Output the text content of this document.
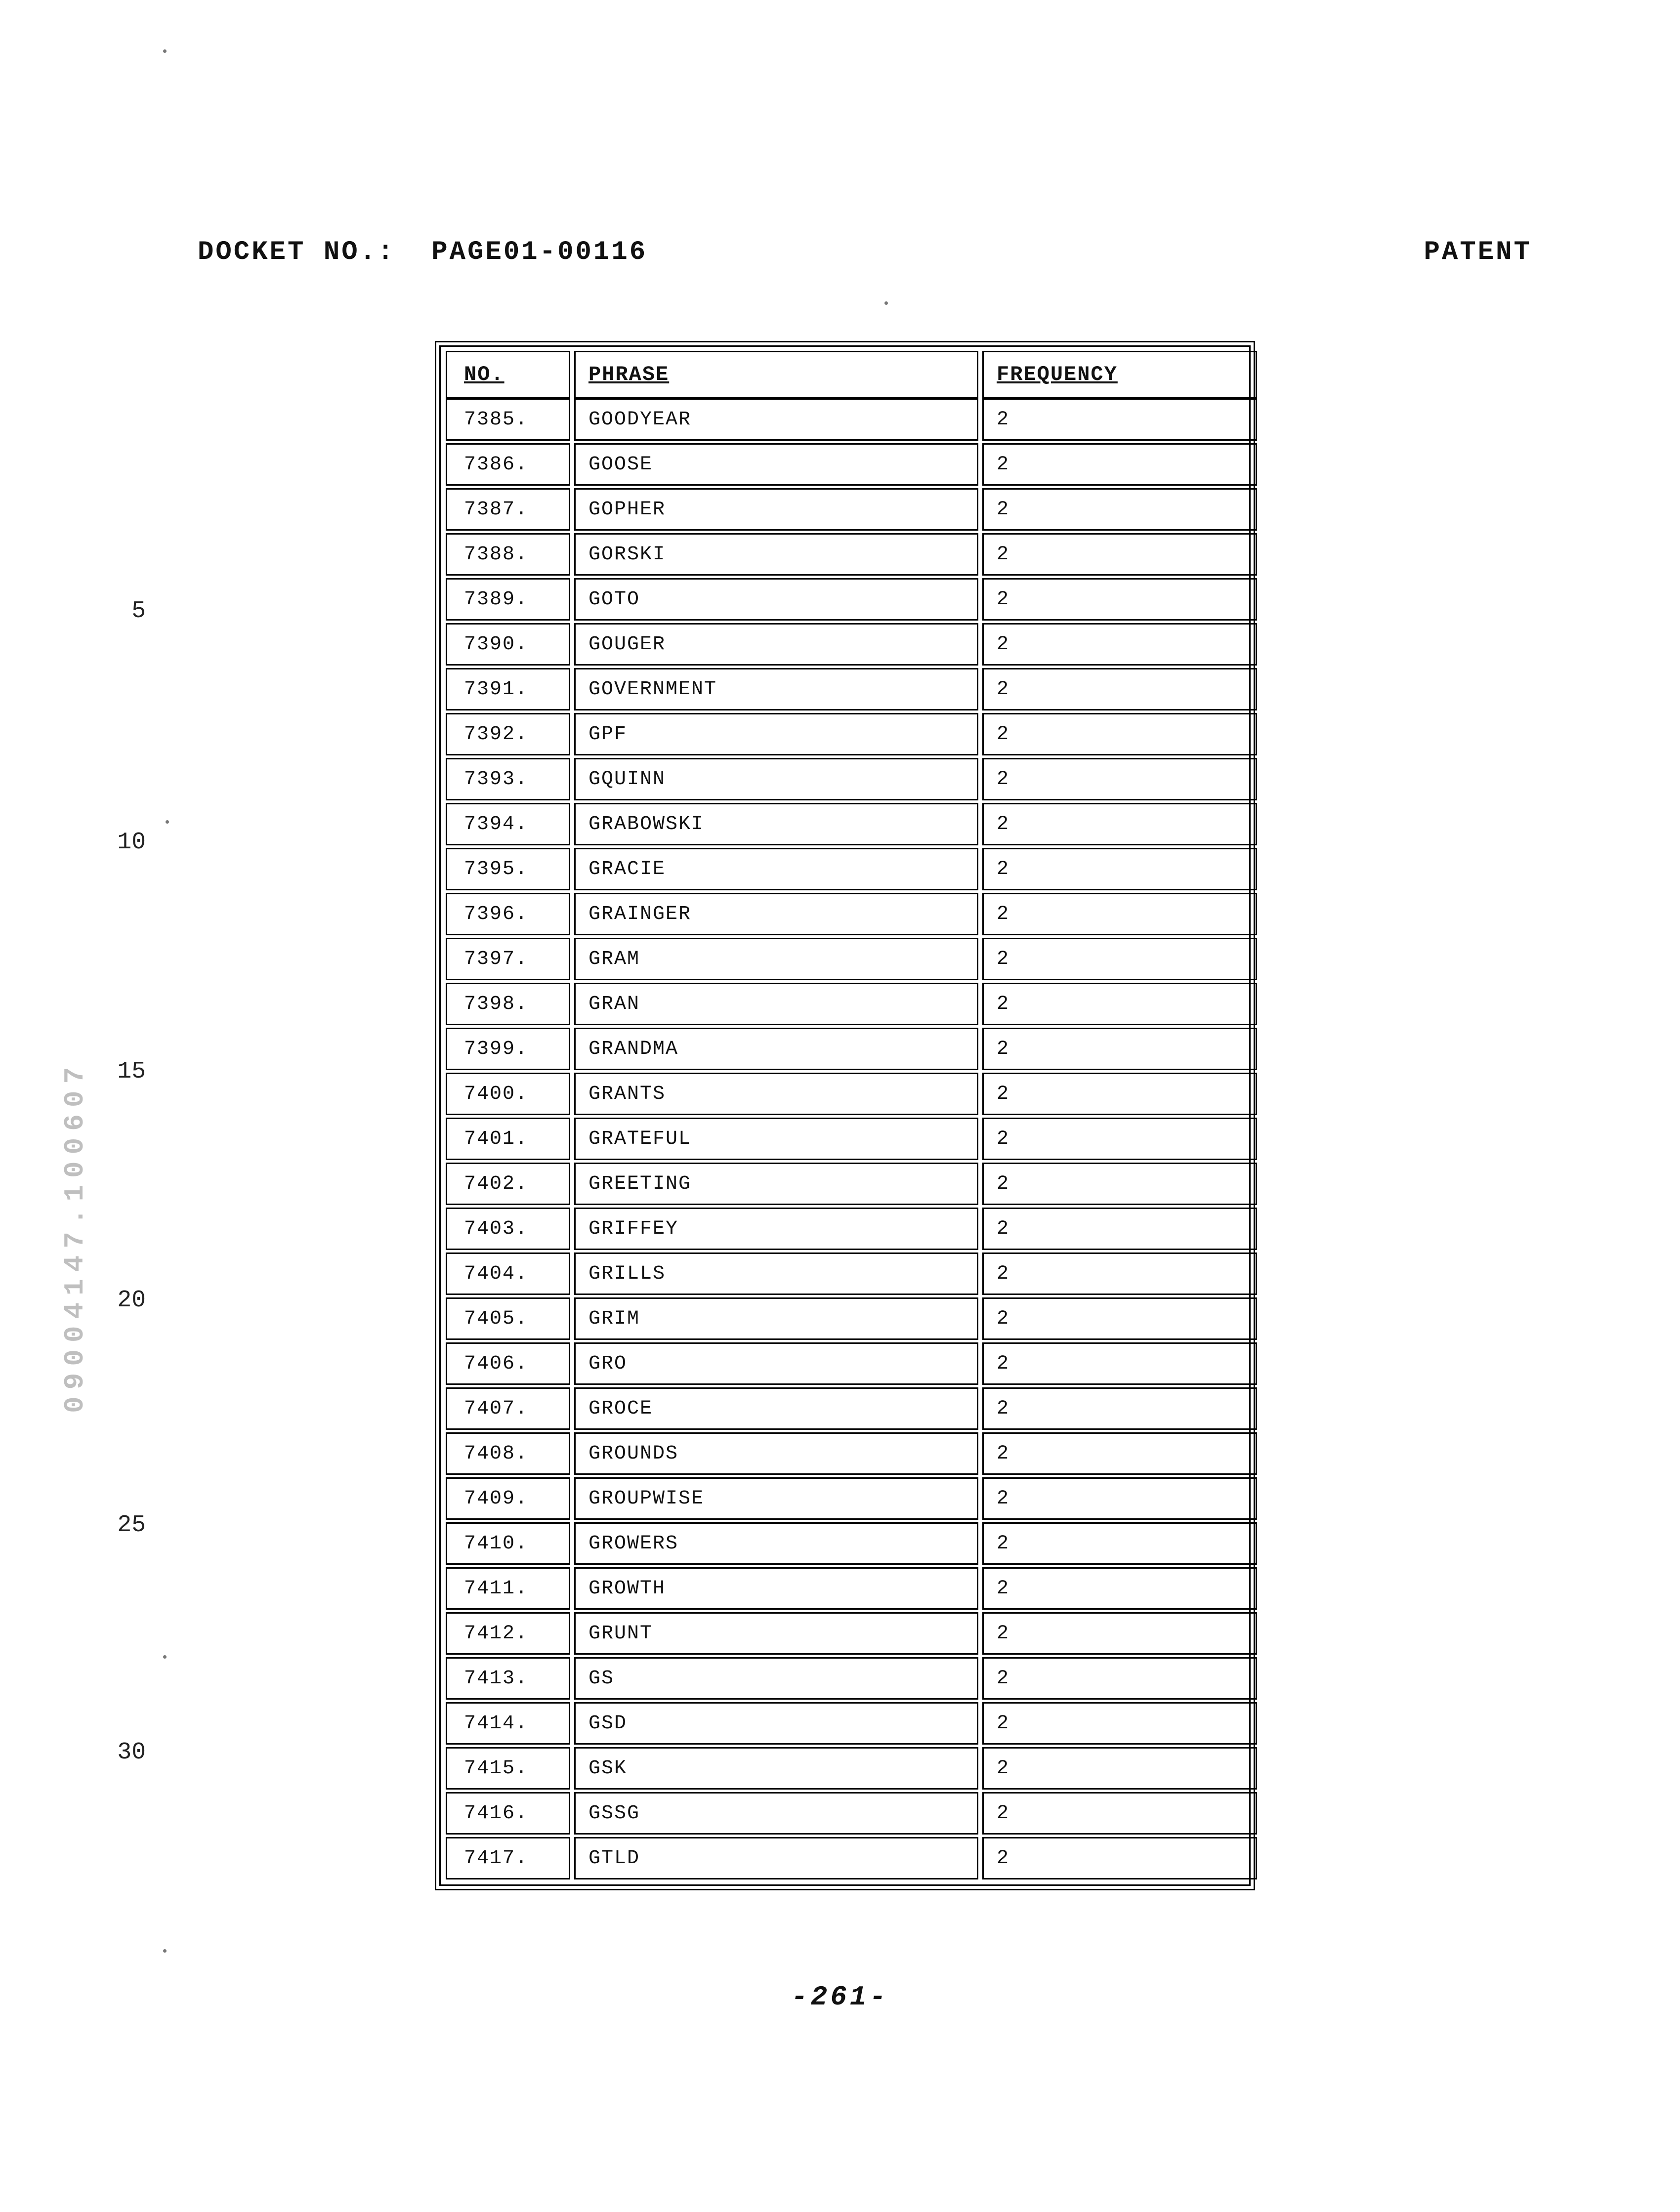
DOCKET NO.:  PAGE01-00116	PATENT
09004147.100607
5
10
15
20
25
30
NO.	PHRASE	FREQUENCY
7385.	GOODYEAR	2
7386.	GOOSE	2
7387.	GOPHER	2
7388.	GORSKI	2
7389.	GOTO	2
7390.	GOUGER	2
7391.	GOVERNMENT	2
7392.	GPF	2
7393.	GQUINN	2
7394.	GRABOWSKI	2
7395.	GRACIE	2
7396.	GRAINGER	2
7397.	GRAM	2
7398.	GRAN	2
7399.	GRANDMA	2
7400.	GRANTS	2
7401.	GRATEFUL	2
7402.	GREETING	2
7403.	GRIFFEY	2
7404.	GRILLS	2
7405.	GRIM	2
7406.	GRO	2
7407.	GROCE	2
7408.	GROUNDS	2
7409.	GROUPWISE	2
7410.	GROWERS	2
7411.	GROWTH	2
7412.	GRUNT	2
7413.	GS	2
7414.	GSD	2
7415.	GSK	2
7416.	GSSG	2
7417.	GTLD	2
-261-
